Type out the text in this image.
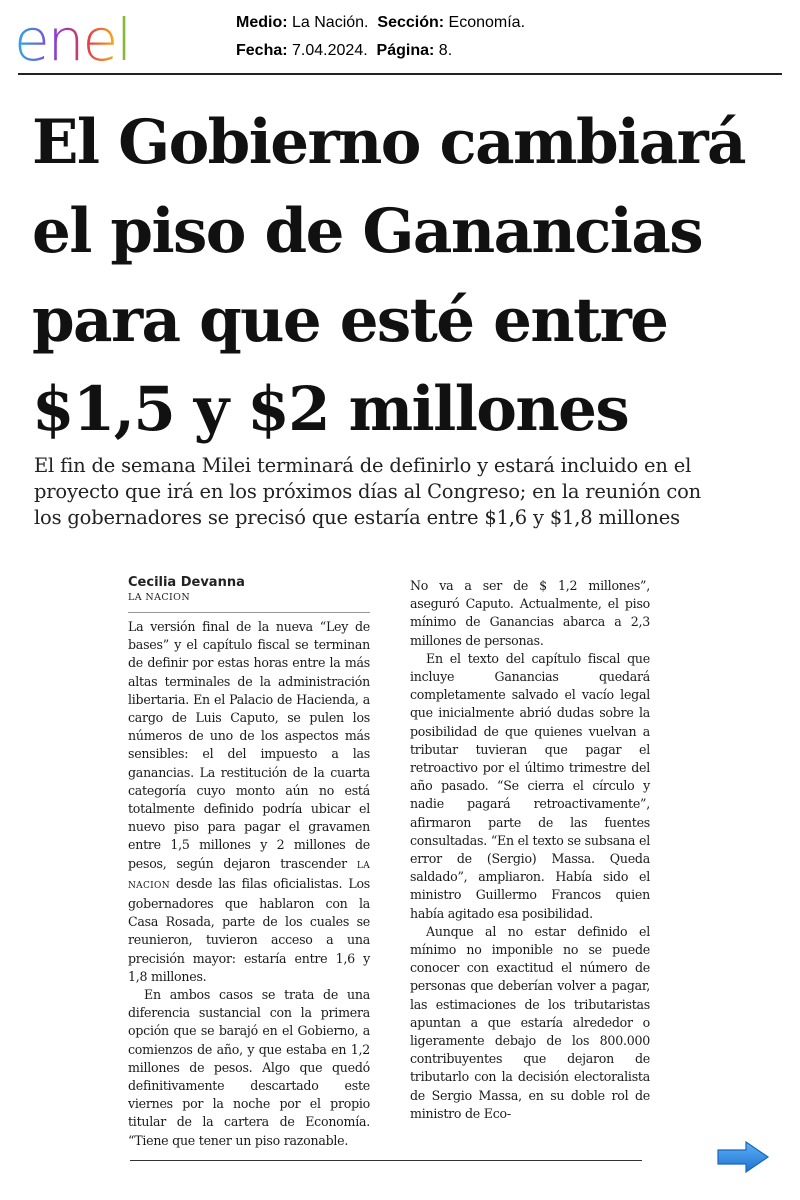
enel	Medio: La Nación. Sección: Economía.
Fecha: 7.04.2024. Página: 8.
El Gobierno cambiará
el piso de Ganancias
para que esté entre
$1,5 y $2 millones
El fin de semana Milei terminará de definirlo y estará incluido en el
proyecto que irá en los próximos días al Congreso; en la reunión con
los gobernadores se precisó que estaría entre $1,6 y $1,8 millones
Cecilia Devanna
LA NACION

La versión final de la nueva “Ley de bases” y el capítulo fiscal se terminan de definir por estas horas entre la más altas terminales de la administración libertaria. En el Palacio de Hacienda, a cargo de Luis Caputo, se pulen los números de uno de los aspectos más sensibles: el del impuesto a las ganancias. La restitución de la cuarta categoría cuyo monto aún no está totalmente definido podría ubicar el nuevo piso para pagar el gravamen entre 1,5 millones y 2 millones de pesos, según dejaron trascender LA NACION desde las filas oficialistas. Los gobernadores que hablaron con la Casa Rosada, parte de los cuales se reunieron, tuvieron acceso a una precisión mayor: estaría entre 1,6 y 1,8 millones.

En ambos casos se trata de una diferencia sustancial con la primera opción que se barajó en el Gobierno, a comienzos de año, y que estaba en 1,2 millones de pesos. Algo que quedó definitivamente descartado este viernes por la noche por el propio titular de la cartera de Economía. “Tiene que tener un piso razonable.

No va a ser de $ 1,2 millones”, aseguró Caputo. Actualmente, el piso mínimo de Ganancias abarca a 2,3 millones de personas.

En el texto del capítulo fiscal que incluye Ganancias quedará completamente salvado el vacío legal que inicialmente abrió dudas sobre la posibilidad de que quienes vuelvan a tributar tuvieran que pagar el retroactivo por el último trimestre del año pasado. “Se cierra el círculo y nadie pagará retroactivamente”, afirmaron parte de las fuentes consultadas. “En el texto se subsana el error de (Sergio) Massa. Queda saldado”, ampliaron. Había sido el ministro Guillermo Francos quien había agitado esa posibilidad.

Aunque al no estar definido el mínimo no imponible no se puede conocer con exactitud el número de personas que deberían volver a pagar, las estimaciones de los tributaristas apuntan a que estaría alrededor o ligeramente debajo de los 800.000 contribuyentes que dejaron de tributarlo con la decisión electoralista de Sergio Massa, en su doble rol de ministro de Eco-
